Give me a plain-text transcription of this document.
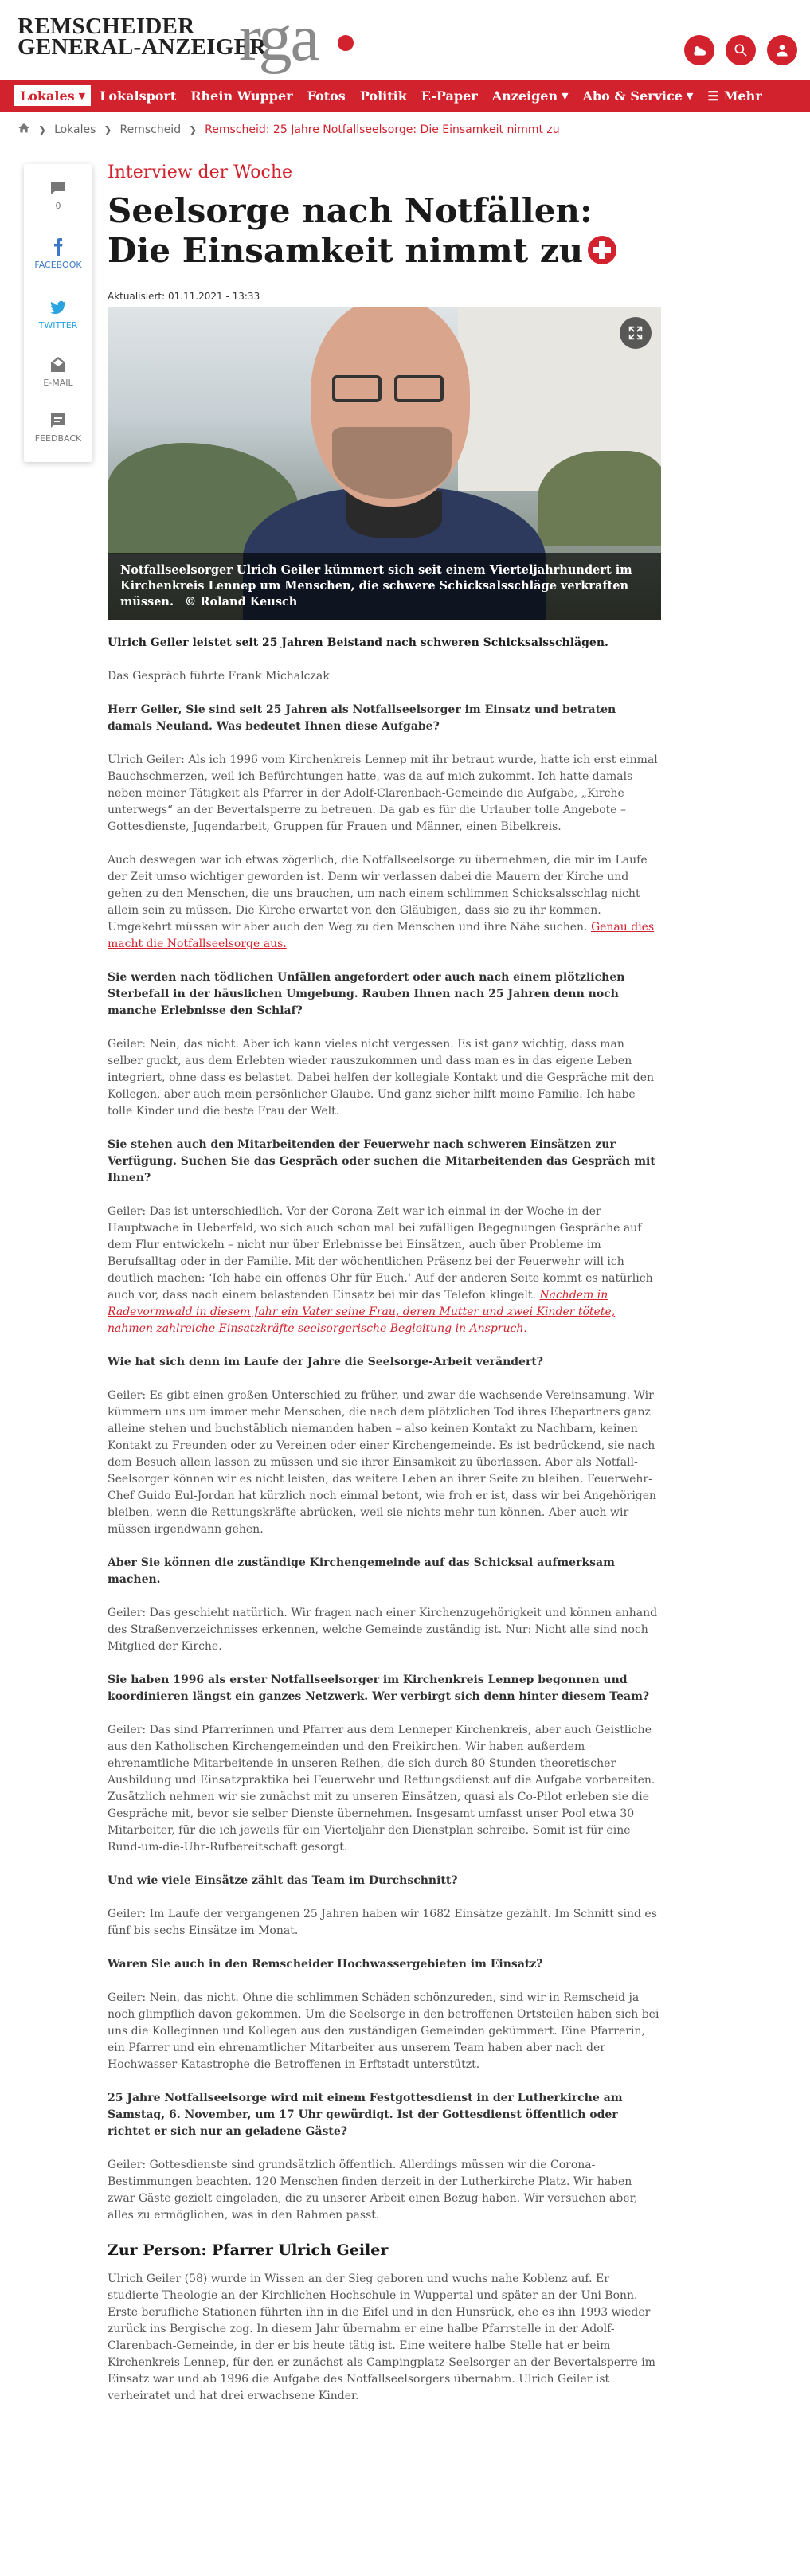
REMSCHEIDER
GENERAL-ANZEIGER
rga
Lokales ▼	Lokalsport	Rhein Wupper	Fotos	Politik	E-Paper	Anzeigen ▼ Abo & Service ▼ ☰ Mehr
❯ Lokales ❯ Remscheid ❯ Remscheid: 25 Jahre Notfallseelsorge: Die Einsamkeit nimmt zu
0
FACEBOOK
TWITTER
E-MAIL
FEEDBACK
Interview der Woche
Seelsorge nach Notfällen: Die Einsamkeit nimmt zu
Aktualisiert: 01.11.2021 - 13:33
Notfallseelsorger Ulrich Geiler kümmert sich seit einem Vierteljahrhundert im Kirchenkreis Lennep um Menschen, die schwere Schicksalsschläge verkraften müssen. © Roland Keusch

Ulrich Geiler leistet seit 25 Jahren Beistand nach schweren Schicksalsschlägen.

Das Gespräch führte Frank Michalczak

Herr Geiler, Sie sind seit 25 Jahren als Notfallseelsorger im Einsatz und betraten damals Neuland. Was bedeutet Ihnen diese Aufgabe?

Ulrich Geiler: Als ich 1996 vom Kirchenkreis Lennep mit ihr betraut wurde, hatte ich erst einmal Bauchschmerzen, weil ich Befürchtungen hatte, was da auf mich zukommt. Ich hatte damals neben meiner Tätigkeit als Pfarrer in der Adolf-Clarenbach-Gemeinde die Aufgabe, „Kirche unterwegs“ an der Bevertalsperre zu betreuen. Da gab es für die Urlauber tolle Angebote – Gottesdienste, Jugendarbeit, Gruppen für Frauen und Männer, einen Bibelkreis.

Auch deswegen war ich etwas zögerlich, die Notfallseelsorge zu übernehmen, die mir im Laufe der Zeit umso wichtiger geworden ist. Denn wir verlassen dabei die Mauern der Kirche und gehen zu den Menschen, die uns brauchen, um nach einem schlimmen Schicksalsschlag nicht allein sein zu müssen. Die Kirche erwartet von den Gläubigen, dass sie zu ihr kommen. Umgekehrt müssen wir aber auch den Weg zu den Menschen und ihre Nähe suchen. Genau dies macht die Notfallseelsorge aus.

Sie werden nach tödlichen Unfällen angefordert oder auch nach einem plötzlichen Sterbefall in der häuslichen Umgebung. Rauben Ihnen nach 25 Jahren denn noch manche Erlebnisse den Schlaf?

Geiler: Nein, das nicht. Aber ich kann vieles nicht vergessen. Es ist ganz wichtig, dass man selber guckt, aus dem Erlebten wieder rauszukommen und dass man es in das eigene Leben integriert, ohne dass es belastet. Dabei helfen der kollegiale Kontakt und die Gespräche mit den Kollegen, aber auch mein persönlicher Glaube. Und ganz sicher hilft meine Familie. Ich habe tolle Kinder und die beste Frau der Welt.

Sie stehen auch den Mitarbeitenden der Feuerwehr nach schweren Einsätzen zur Verfügung. Suchen Sie das Gespräch oder suchen die Mitarbeitenden das Gespräch mit Ihnen?

Geiler: Das ist unterschiedlich. Vor der Corona-Zeit war ich einmal in der Woche in der Hauptwache in Ueberfeld, wo sich auch schon mal bei zufälligen Begegnungen Gespräche auf dem Flur entwickeln – nicht nur über Erlebnisse bei Einsätzen, auch über Probleme im Berufsalltag oder in der Familie. Mit der wöchentlichen Präsenz bei der Feuerwehr will ich deutlich machen: ‘Ich habe ein offenes Ohr für Euch.‘ Auf der anderen Seite kommt es natürlich auch vor, dass nach einem belastenden Einsatz bei mir das Telefon klingelt. Nachdem in Radevormwald in diesem Jahr ein Vater seine Frau, deren Mutter und zwei Kinder tötete, nahmen zahlreiche Einsatzkräfte seelsorgerische Begleitung in Anspruch.

Wie hat sich denn im Laufe der Jahre die Seelsorge-Arbeit verändert?

Geiler: Es gibt einen großen Unterschied zu früher, und zwar die wachsende Vereinsamung. Wir kümmern uns um immer mehr Menschen, die nach dem plötzlichen Tod ihres Ehepartners ganz alleine stehen und buchstäblich niemanden haben – also keinen Kontakt zu Nachbarn, keinen Kontakt zu Freunden oder zu Vereinen oder einer Kirchengemeinde. Es ist bedrückend, sie nach dem Besuch allein lassen zu müssen und sie ihrer Einsamkeit zu überlassen. Aber als Notfall-Seelsorger können wir es nicht leisten, das weitere Leben an ihrer Seite zu bleiben. Feuerwehr-Chef Guido Eul-Jordan hat kürzlich noch einmal betont, wie froh er ist, dass wir bei Angehörigen bleiben, wenn die Rettungskräfte abrücken, weil sie nichts mehr tun können. Aber auch wir müssen irgendwann gehen.

Aber Sie können die zuständige Kirchengemeinde auf das Schicksal aufmerksam machen.

Geiler: Das geschieht natürlich. Wir fragen nach einer Kirchenzugehörigkeit und können anhand des Straßenverzeichnisses erkennen, welche Gemeinde zuständig ist. Nur: Nicht alle sind noch Mitglied der Kirche.

Sie haben 1996 als erster Notfallseelsorger im Kirchenkreis Lennep begonnen und koordinieren längst ein ganzes Netzwerk. Wer verbirgt sich denn hinter diesem Team?

Geiler: Das sind Pfarrerinnen und Pfarrer aus dem Lenneper Kirchenkreis, aber auch Geistliche aus den Katholischen Kirchengemeinden und den Freikirchen. Wir haben außerdem ehrenamtliche Mitarbeitende in unseren Reihen, die sich durch 80 Stunden theoretischer Ausbildung und Einsatzpraktika bei Feuerwehr und Rettungsdienst auf die Aufgabe vorbereiten. Zusätzlich nehmen wir sie zunächst mit zu unseren Einsätzen, quasi als Co-Pilot erleben sie die Gespräche mit, bevor sie selber Dienste übernehmen. Insgesamt umfasst unser Pool etwa 30 Mitarbeiter, für die ich jeweils für ein Vierteljahr den Dienstplan schreibe. Somit ist für eine Rund-um-die-Uhr-Rufbereitschaft gesorgt.

Und wie viele Einsätze zählt das Team im Durchschnitt?

Geiler: Im Laufe der vergangenen 25 Jahren haben wir 1682 Einsätze gezählt. Im Schnitt sind es fünf bis sechs Einsätze im Monat.

Waren Sie auch in den Remscheider Hochwassergebieten im Einsatz?

Geiler: Nein, das nicht. Ohne die schlimmen Schäden schönzureden, sind wir in Remscheid ja noch glimpflich davon gekommen. Um die Seelsorge in den betroffenen Ortsteilen haben sich bei uns die Kolleginnen und Kollegen aus den zuständigen Gemeinden gekümmert. Eine Pfarrerin, ein Pfarrer und ein ehrenamtlicher Mitarbeiter aus unserem Team haben aber nach der Hochwasser-Katastrophe die Betroffenen in Erftstadt unterstützt.

25 Jahre Notfallseelsorge wird mit einem Festgottesdienst in der Lutherkirche am Samstag, 6. November, um 17 Uhr gewürdigt. Ist der Gottesdienst öffentlich oder richtet er sich nur an geladene Gäste?

Geiler: Gottesdienste sind grundsätzlich öffentlich. Allerdings müssen wir die Corona-Bestimmungen beachten. 120 Menschen finden derzeit in der Lutherkirche Platz. Wir haben zwar Gäste gezielt eingeladen, die zu unserer Arbeit einen Bezug haben. Wir versuchen aber, alles zu ermöglichen, was in den Rahmen passt.

Zur Person: Pfarrer Ulrich Geiler

Ulrich Geiler (58) wurde in Wissen an der Sieg geboren und wuchs nahe Koblenz auf. Er studierte Theologie an der Kirchlichen Hochschule in Wuppertal und später an der Uni Bonn. Erste berufliche Stationen führten ihn in die Eifel und in den Hunsrück, ehe es ihn 1993 wieder zurück ins Bergische zog. In diesem Jahr übernahm er eine halbe Pfarrstelle in der Adolf-Clarenbach-Gemeinde, in der er bis heute tätig ist. Eine weitere halbe Stelle hat er beim Kirchenkreis Lennep, für den er zunächst als Campingplatz-Seelsorger an der Bevertalsperre im Einsatz war und ab 1996 die Aufgabe des Notfallseelsorgers übernahm. Ulrich Geiler ist verheiratet und hat drei erwachsene Kinder.
